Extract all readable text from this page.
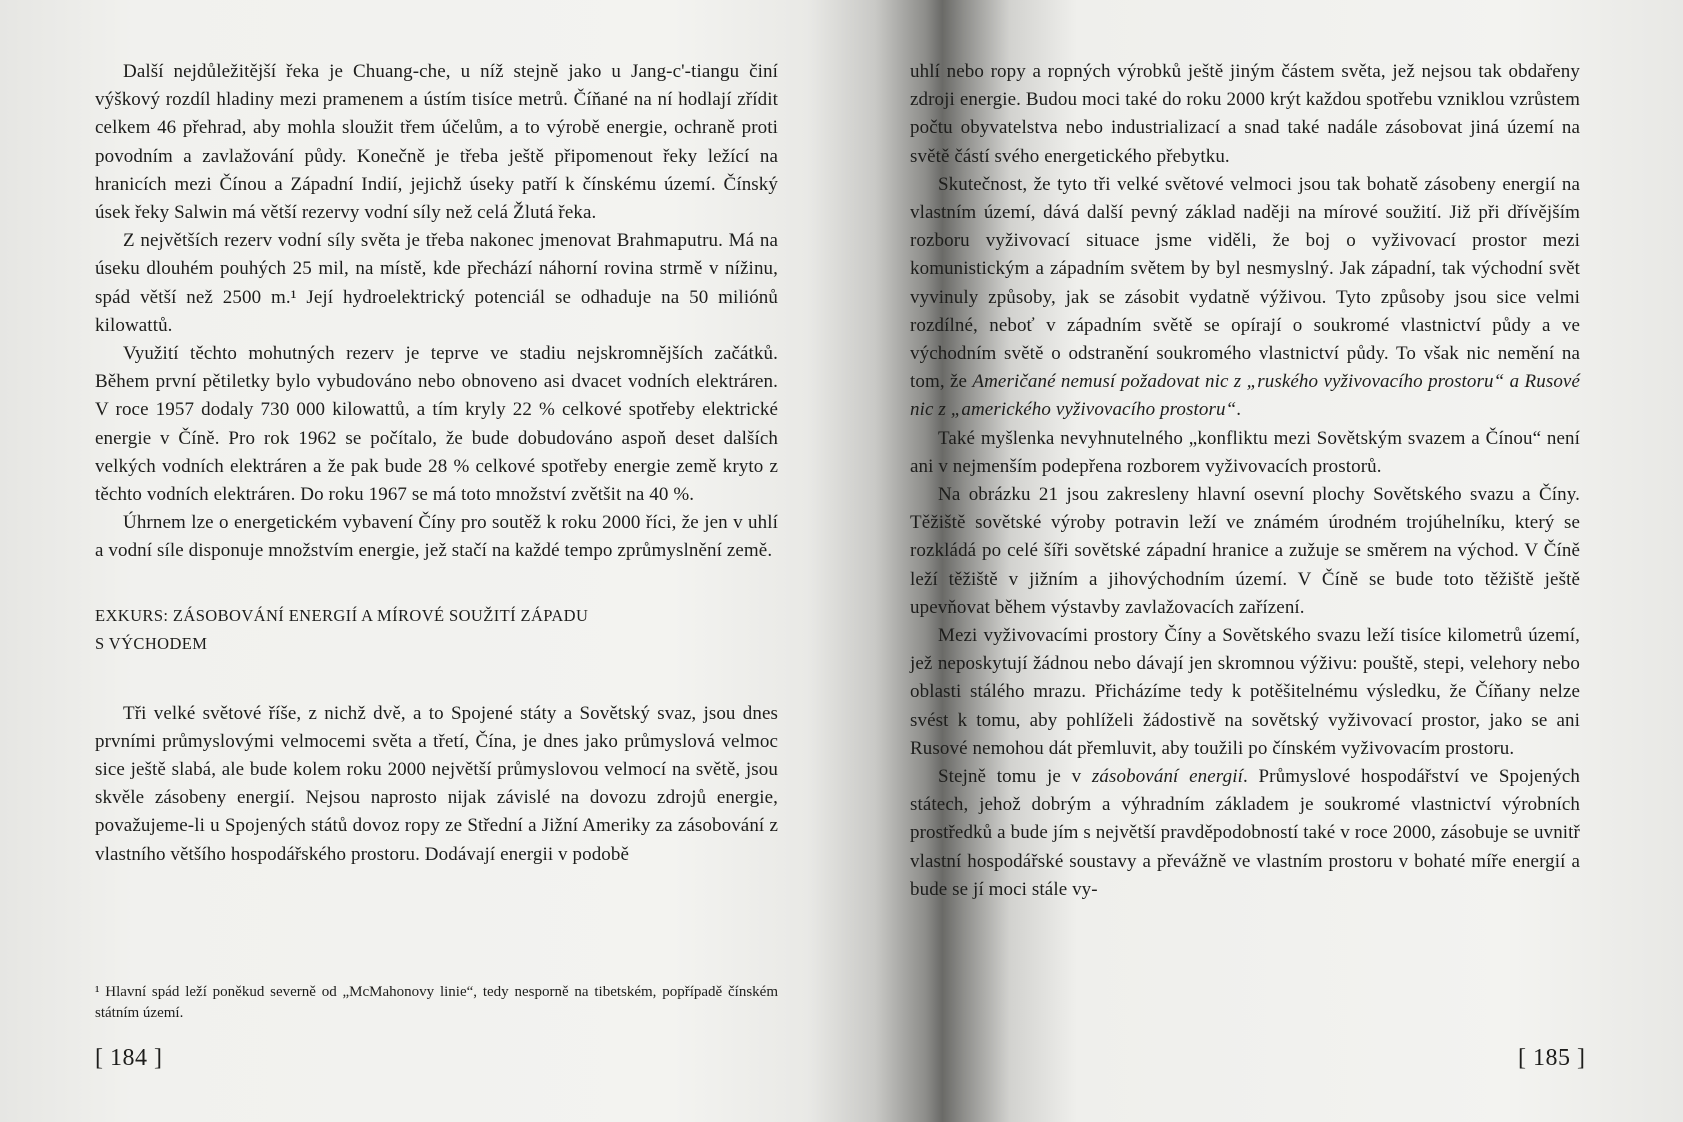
Další nejdůležitější řeka je Chuang-che, u níž stejně jako u Jang-c'-tiangu činí výškový rozdíl hladiny mezi pramenem a ústím tisíce metrů. Číňané na ní hodlají zřídit celkem 46 přehrad, aby mohla sloužit třem účelům, a to výrobě energie, ochraně proti povodním a zavlažování půdy. Konečně je třeba ještě připomenout řeky ležící na hranicích mezi Čínou a Západní Indií, jejichž úseky patří k čínskému území. Čínský úsek řeky Salwin má větší rezervy vodní síly než celá Žlutá řeka.

Z největších rezerv vodní síly světa je třeba nakonec jmenovat Brahmaputru. Má na úseku dlouhém pouhých 25 mil, na místě, kde přechází náhorní rovina strmě v nížinu, spád větší než 2500 m.¹ Její hydroelektrický potenciál se odhaduje na 50 miliónů kilowattů.

Využití těchto mohutných rezerv je teprve ve stadiu nejskromnějších začátků. Během první pětiletky bylo vybudováno nebo obnoveno asi dvacet vodních elektráren. V roce 1957 dodaly 730 000 kilowattů, a tím kryly 22 % celkové spotřeby elektrické energie v Číně. Pro rok 1962 se počítalo, že bude dobudováno aspoň deset dalších velkých vodních elektráren a že pak bude 28 % celkové spotřeby energie země kryto z těchto vodních elektráren. Do roku 1967 se má toto množství zvětšit na 40 %.

Úhrnem lze o energetickém vybavení Číny pro soutěž k roku 2000 říci, že jen v uhlí a vodní síle disponuje množstvím energie, jež stačí na každé tempo zprůmyslnění země.

EXKURS: ZÁSOBOVÁNÍ ENERGIÍ A MÍROVÉ SOUŽITÍ ZÁPADU
S VÝCHODEM

Tři velké světové říše, z nichž dvě, a to Spojené státy a Sovětský svaz, jsou dnes prvními průmyslovými velmocemi světa a třetí, Čína, je dnes jako průmyslová velmoc sice ještě slabá, ale bude kolem roku 2000 největší průmyslovou velmocí na světě, jsou skvěle zásobeny energií. Nejsou naprosto nijak závislé na dovozu zdrojů energie, považujeme-li u Spojených států dovoz ropy ze Střední a Jižní Ameriky za zásobování z vlastního většího hospodářského prostoru. Dodávají energii v podobě

¹ Hlavní spád leží poněkud severně od „McMahonovy linie“, tedy nesporně na tibetském, popřípadě čínském státním území.
[ 184 ]

uhlí nebo ropy a ropných výrobků ještě jiným částem světa, jež nejsou tak obdařeny zdroji energie. Budou moci také do roku 2000 krýt každou spotřebu vzniklou vzrůstem počtu obyvatelstva nebo industrializací a snad také nadále zásobovat jiná území na světě částí svého energetického přebytku.

Skutečnost, že tyto tři velké světové velmoci jsou tak bohatě zásobeny energií na vlastním území, dává další pevný základ naději na mírové soužití. Již při dřívějším rozboru vyživovací situace jsme viděli, že boj o vyživovací prostor mezi komunistickým a západním světem by byl nesmyslný. Jak západní, tak východní svět vyvinuly způsoby, jak se zásobit vydatně výživou. Tyto způsoby jsou sice velmi rozdílné, neboť v západním světě se opírají o soukromé vlastnictví půdy a ve východním světě o odstranění soukromého vlastnictví půdy. To však nic nemění na tom, že Američané nemusí požadovat nic z „ruského vyživovacího prostoru“ a Rusové nic z „amerického vyživovacího prostoru“.

Také myšlenka nevyhnutelného „konfliktu mezi Sovětským svazem a Čínou“ není ani v nejmenším podepřena rozborem vyživovacích prostorů.

Na obrázku 21 jsou zakresleny hlavní osevní plochy Sovětského svazu a Číny. Těžiště sovětské výroby potravin leží ve známém úrodném trojúhelníku, který se rozkládá po celé šíři sovětské západní hranice a zužuje se směrem na východ. V Číně leží těžiště v jižním a jihovýchodním území. V Číně se bude toto těžiště ještě upevňovat během výstavby zavlažovacích zařízení.

Mezi vyživovacími prostory Číny a Sovětského svazu leží tisíce kilometrů území, jež neposkytují žádnou nebo dávají jen skromnou výživu: pouště, stepi, velehory nebo oblasti stálého mrazu. Přicházíme tedy k potěšitelnému výsledku, že Číňany nelze svést k tomu, aby pohlíželi žádostivě na sovětský vyživovací prostor, jako se ani Rusové nemohou dát přemluvit, aby toužili po čínském vyživovacím prostoru.

Stejně tomu je v zásobování energií. Průmyslové hospodářství ve Spojených státech, jehož dobrým a výhradním základem je soukromé vlastnictví výrobních prostředků a bude jím s největší pravděpodobností také v roce 2000, zásobuje se uvnitř vlastní hospodářské soustavy a převážně ve vlastním prostoru v bohaté míře energií a bude se jí moci stále vy-

[ 185 ]
